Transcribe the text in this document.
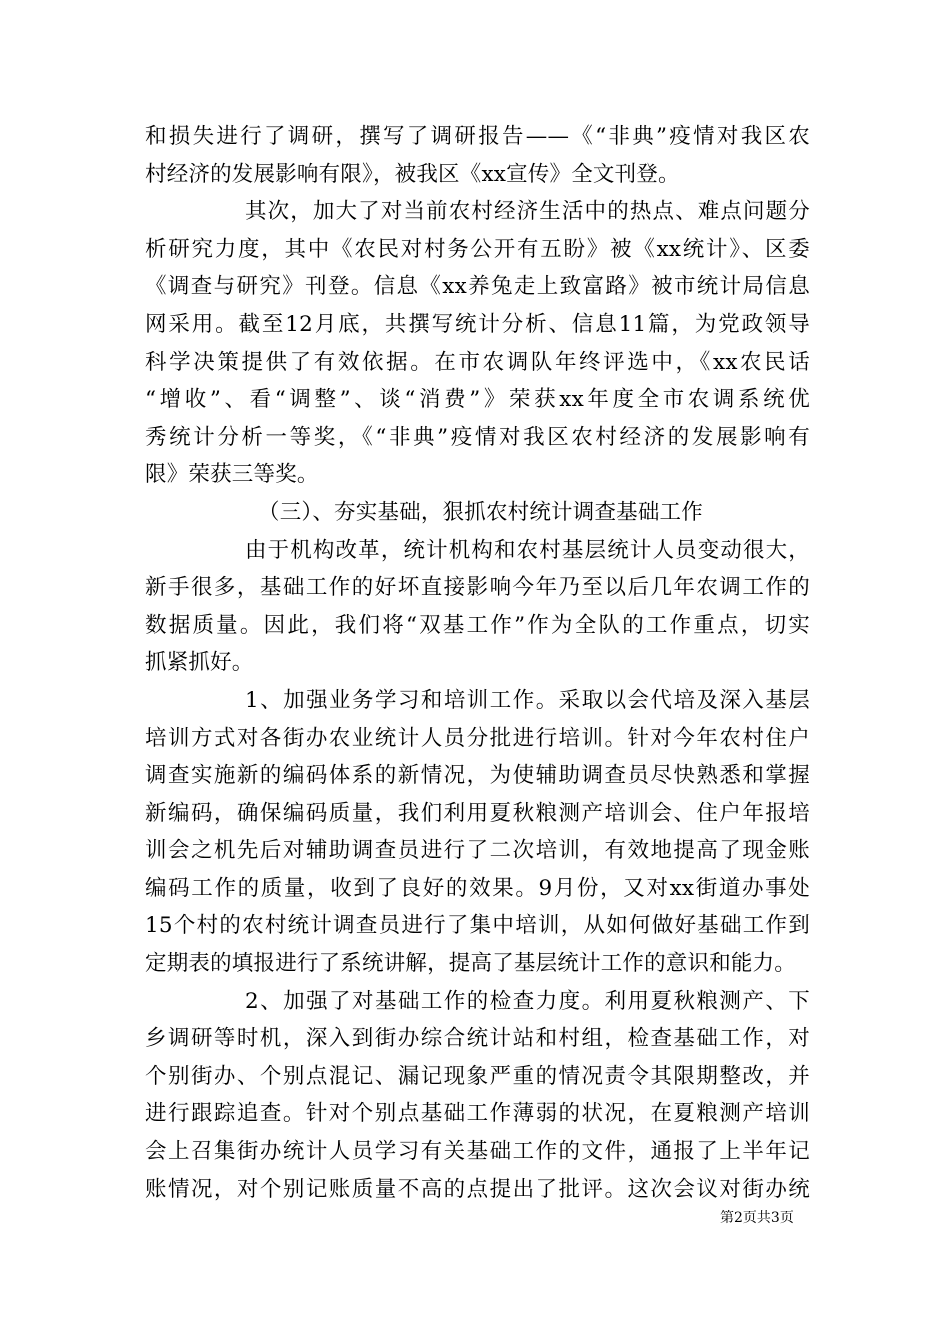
和损失进行了调研，撰写了调研报告——《“非典”疫情对我区农
村经济的发展影响有限》，被我区《xx宣传》全文刊登。

其次，加大了对当前农村经济生活中的热点、难点问题分
析研究力度，其中《农民对村务公开有五盼》被《xx统计》、区委
《调查与研究》刊登。信息《xx养兔走上致富路》被市统计局信息
网采用。截至12月底，共撰写统计分析、信息11篇，为党政领导
科学决策提供了有效依据。在市农调队年终评选中，《xx农民话
“增收”、看“调整”、谈“消费”》荣获xx年度全市农调系统优
秀统计分析一等奖，《“非典”疫情对我区农村经济的发展影响有
限》荣获三等奖。

（三）、夯实基础，狠抓农村统计调查基础工作

由于机构改革，统计机构和农村基层统计人员变动很大，
新手很多，基础工作的好坏直接影响今年乃至以后几年农调工作的
数据质量。因此，我们将“双基工作”作为全队的工作重点，切实
抓紧抓好。

1、加强业务学习和培训工作。采取以会代培及深入基层
培训方式对各街办农业统计人员分批进行培训。针对今年农村住户
调查实施新的编码体系的新情况，为使辅助调查员尽快熟悉和掌握
新编码，确保编码质量，我们利用夏秋粮测产培训会、住户年报培
训会之机先后对辅助调查员进行了二次培训，有效地提高了现金账
编码工作的质量，收到了良好的效果。9月份，又对xx街道办事处
15个村的农村统计调查员进行了集中培训，从如何做好基础工作到
定期表的填报进行了系统讲解，提高了基层统计工作的意识和能力。

2、加强了对基础工作的检查力度。利用夏秋粮测产、下
乡调研等时机，深入到街办综合统计站和村组，检查基础工作，对
个别街办、个别点混记、漏记现象严重的情况责令其限期整改，并
进行跟踪追查。针对个别点基础工作薄弱的状况，在夏粮测产培训
会上召集街办统计人员学习有关基础工作的文件，通报了上半年记
账情况，对个别记账质量不高的点提出了批评。这次会议对街办统

第2页共3页
